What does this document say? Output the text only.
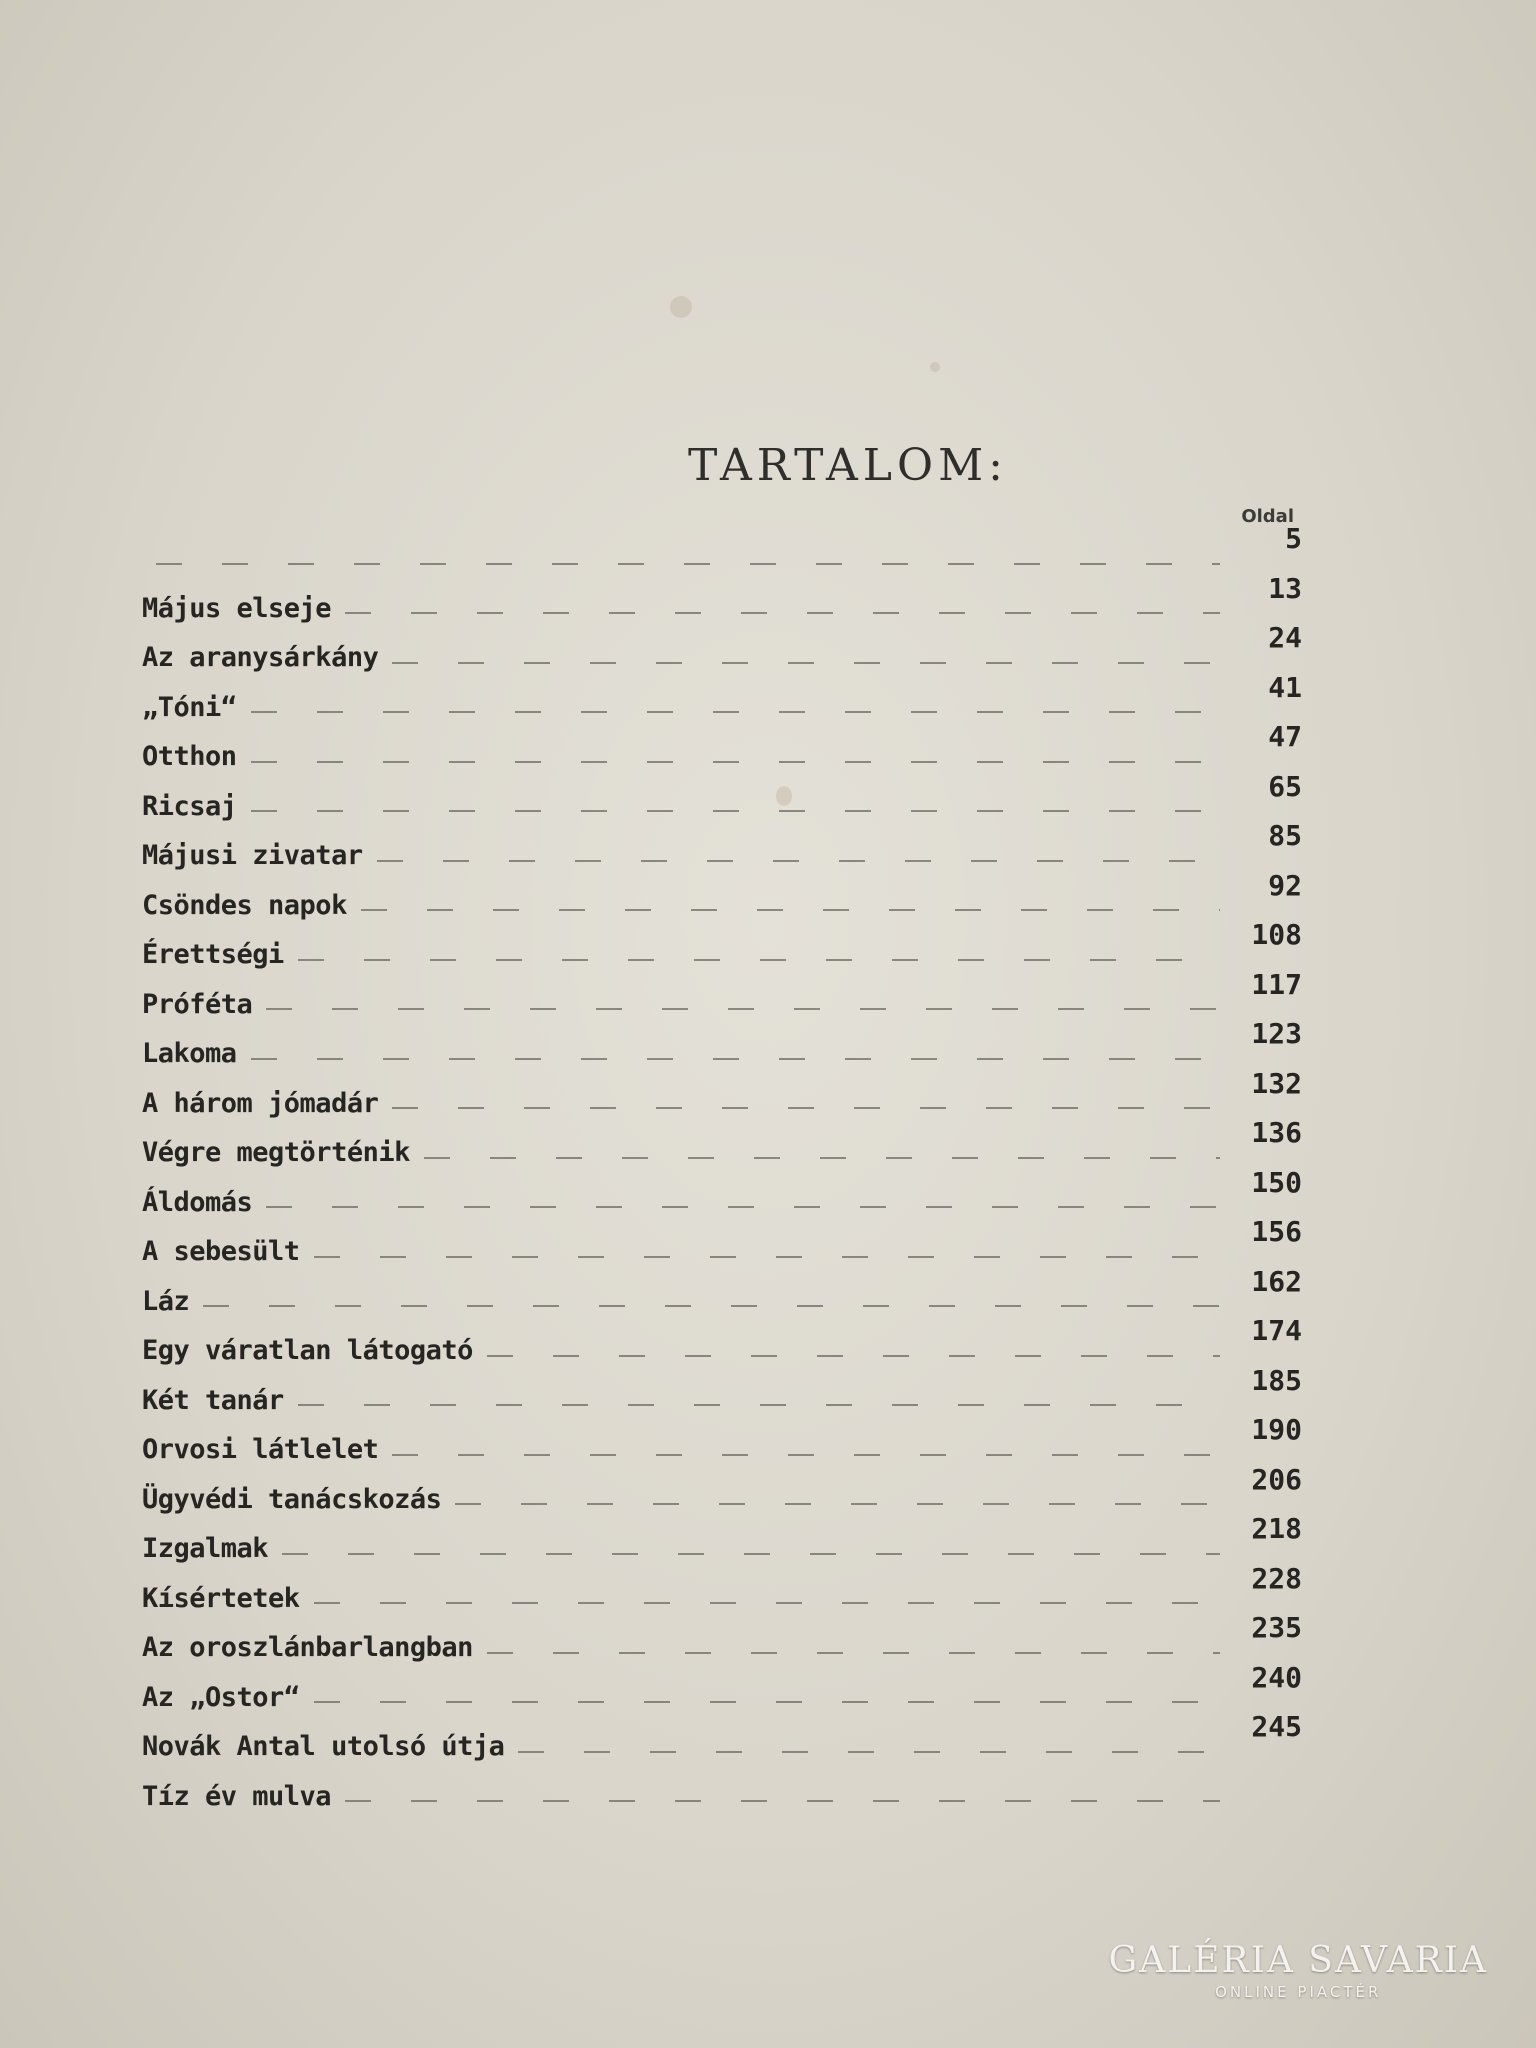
TARTALOM:
Oldal
5
Május elseje
13
Az aranysárkány
24
„Tóni“
41
Otthon
47
Ricsaj
65
Májusi zivatar
85
Csöndes napok
92
Érettségi
108
Próféta
117
Lakoma
123
A három jómadár
132
Végre megtörténik
136
Áldomás
150
A sebesült
156
Láz
162
Egy váratlan látogató
174
Két tanár
185
Orvosi látlelet
190
Ügyvédi tanácskozás
206
Izgalmak
218
Kísértetek
228
Az oroszlánbarlangban
235
Az „Ostor“
240
Novák Antal utolsó útja
245
Tíz év mulva
GALÉRIA SAVARIA
ONLINE PIACTÉR
